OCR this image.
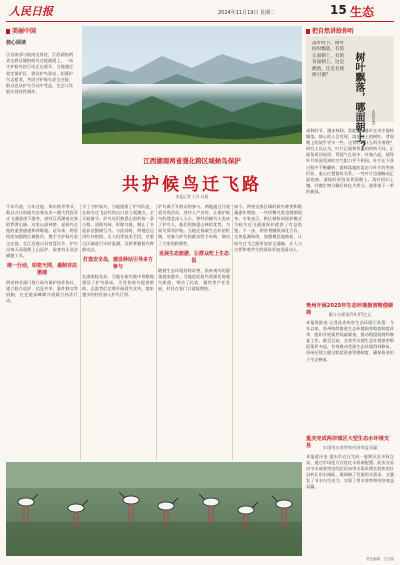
人民日报	2024年11月19日 星期二	15 生态
美丽中国
核心阅读
江苏南部与皖南交界处，江西湖南两省交界区域的候鸟迁徙通道上，一场守护候鸟的行动正在展开。当地通过划定保护区、建设护鸟驿站、招募护鸟志愿者，共同守护候鸟安全迁徙，群众也从护鸟行动中受益，生态与发展实现良性循环。
把自然讲给你听
落叶时节，树叶纷纷飘落，有的正面朝上，有的背面朝上。这是偶然，还是有规律可循？	树叶飘落，哪面朝上？ 本报记者
深秋时节，漫步林间，常能看见落叶在风中旋转飘落。细心的人会发现，落在地上的树叶，背面朝上的似乎更多一些。这背后有什么科学道理？研究人员认为，叶片正面和背面的结构不同，正面角质层较厚，背面气孔较多、叶脉凸起，使得叶片两面受到的空气阻力并不相同。叶片在下落过程中不断翻转，最终落地的姿态与叶片的弯曲形状、重心位置都有关系。一些叶片边缘略向正面卷曲，落地时更容易背面朝上。落叶回归土壤，经微生物分解后转化为养分，滋养着下一季的新绿。
江西湖南两省强化跨区域候鸟保护
共护候鸟迁飞路
本报记者 王丹 孙超
千年鸟道，万年迁徙。每年秋冬季节，数以万计的候鸟沿着东亚—澳大利西亚迁飞通道南下越冬，途经江西湖南交界的罗霄山脉。这里山高林密，是候鸟迁徙的重要通道和停歇地。近年来，两省持续加强跨区域协作，携手守护候鸟安全迁徙。在江西遂川县营盘圩乡，护鸟员每天清晨便上山巡护，检查有无非法捕猎工具。
统一行动，织密天网，遏制非法猎捕
两省林业部门签订候鸟保护协作协议，建立联合巡护、信息共享、案件移交等机制，在迁徙高峰期开展联合执法行动。
为了守护候鸟，当地组建了护鸟队伍，在候鸟迁飞必经的山口设立观测点，全天候值守。护鸟员们熟悉山里的每一条小路，清理鸟网、拆除鸟铳，制止了多起非法猎捕行为。与此同时，两地还运用红外相机、无人机等技术手段，对重点区域进行实时监测，及时掌握候鸟种群动态。
打造安全岛，建设驿站引导多方参与
在湖南桂东县，当地在候鸟集中停歇地建设了护鸟驿站，为受伤候鸟提供救助。志愿者们定期开展爱鸟宣传，越来越多的村民加入护鸟行列。
护鸟离不开群众的参与。两地通过开展爱鸟周活动、进村入户宣传，让保护候鸟的理念深入人心。曾经的捕鸟人变成了护鸟人，他们用熟悉山林的优势，为候鸟保驾护航。当地还探索生态补偿机制，对参与护鸟的群众给予补助，调动了大家的积极性。
发展生态旅游，让群众吃上生态饭
随着生态环境持续改善，前来观鸟的游客越来越多。当地依托候鸟资源发展观鸟旅游，带动了民宿、餐饮等产业发展，村民在家门口就能增收。
如今，两省交界区域的候鸟种类和数量逐年增加，一些珍稀鸟类也频频现身。专家表示，跨区域协同保护模式为候鸟迁飞通道保护提供了有益借鉴。下一步，两省将继续深化合作，完善监测网络，加强栖息地修复，让候鸟迁飞之路更加安全通畅，让人与自然和谐共生的画卷更加美丽动人。
贵州开展2025年生态环境损害赔偿磋商	累计办理案件0.07亿元
本报贵阳电 记者从贵州省生态环境厅获悉：今年以来，贵州持续推进生态环境损害赔偿制度改革，组织开展案件线索筛查，推动赔偿磋商和修复工作。截至目前，全省共办理生态环境损害赔偿案件多起，有效推动受损生态环境得到修复。贵州还建立健全赔偿资金管理制度，确保资金用于生态修复。
重庆完成两岸城区大型生态水环境交易	实现用水效率和经济效益双赢
本报重庆电 重庆市近日完成一笔跨区县水权交易，通过市场化方式优化水资源配置。此次交易由节水成效突出的区县向用水需求增长较快的区县转让用水指标，既保障了发展用水需求，又激发了节水内生动力，实现了用水效率和经济效益双赢。
责任编辑：生态版
